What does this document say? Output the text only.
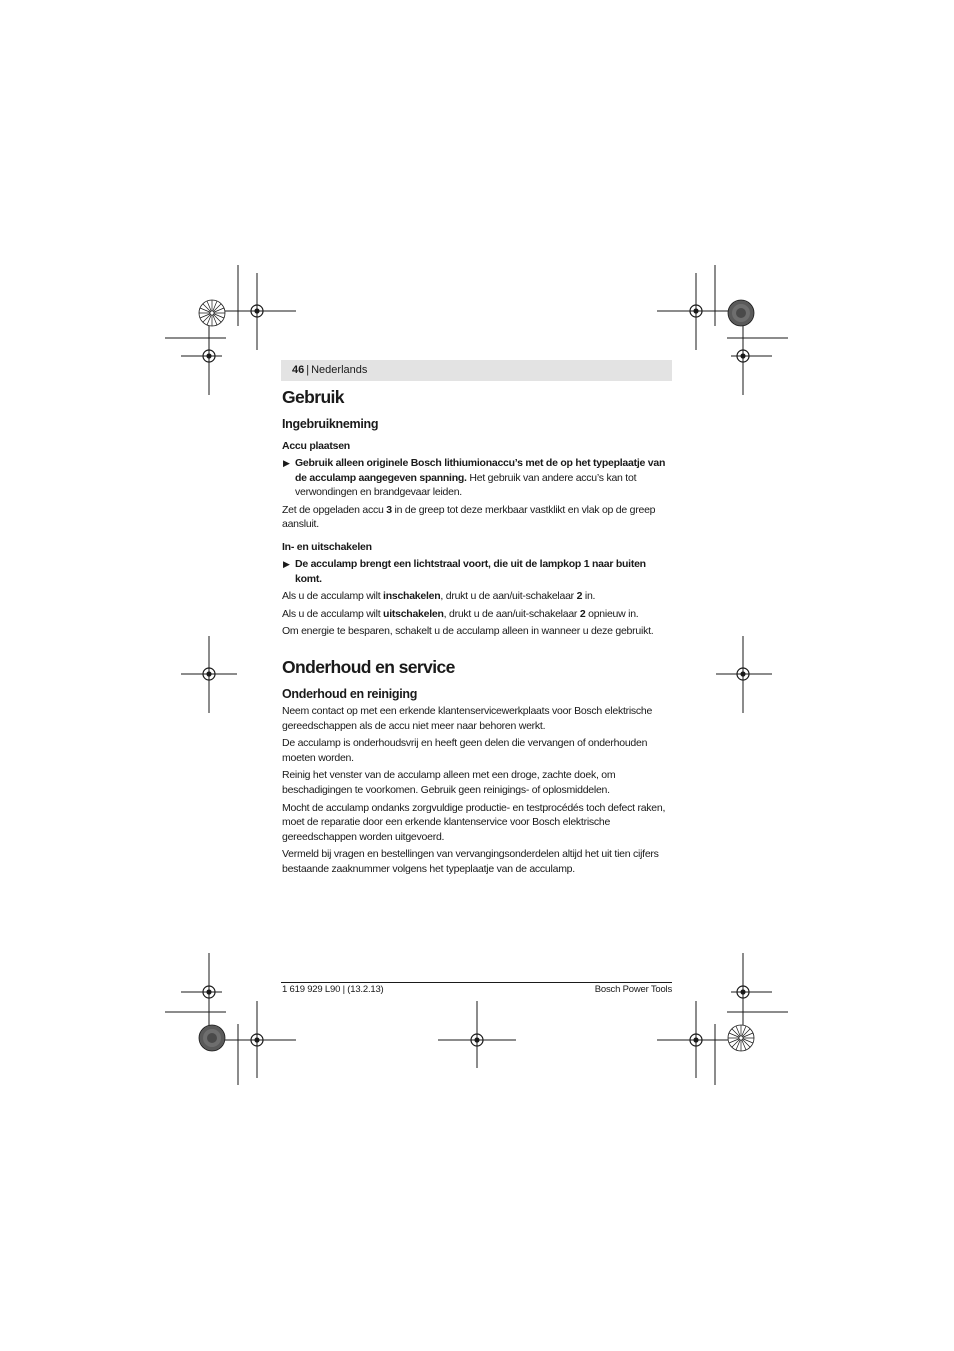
46 | Nederlands
Gebruik
Ingebruikneming
Accu plaatsen
▶ Gebruik alleen originele Bosch lithiumionaccu’s met de op het typeplaatje van de acculamp aangegeven spanning. Het gebruik van andere accu’s kan tot verwondingen en brandgevaar leiden.

Zet de opgeladen accu 3 in de greep tot deze merkbaar vastklikt en vlak op de greep aansluit.

In- en uitschakelen
▶ De acculamp brengt een lichtstraal voort, die uit de lampkop 1 naar buiten komt.

Als u de acculamp wilt inschakelen, drukt u de aan/uit-schakelaar 2 in.

Als u de acculamp wilt uitschakelen, drukt u de aan/uit-schakelaar 2 opnieuw in.

Om energie te besparen, schakelt u de acculamp alleen in wanneer u deze gebruikt.

Onderhoud en service
Onderhoud en reiniging

Neem contact op met een erkende klantenservicewerkplaats voor Bosch elektrische gereedschappen als de accu niet meer naar behoren werkt.

De acculamp is onderhoudsvrij en heeft geen delen die vervangen of onderhouden moeten worden.

Reinig het venster van de acculamp alleen met een droge, zachte doek, om beschadigingen te voorkomen. Gebruik geen reinigings- of oplosmiddelen.

Mocht de acculamp ondanks zorgvuldige productie- en testprocédés toch defect raken, moet de reparatie door een erkende klantenservice voor Bosch elektrische gereedschappen worden uitgevoerd.

Vermeld bij vragen en bestellingen van vervangingsonderdelen altijd het uit tien cijfers bestaande zaaknummer volgens het typeplaatje van de acculamp.

1 619 929 L90 | (13.2.13)	Bosch Power Tools
